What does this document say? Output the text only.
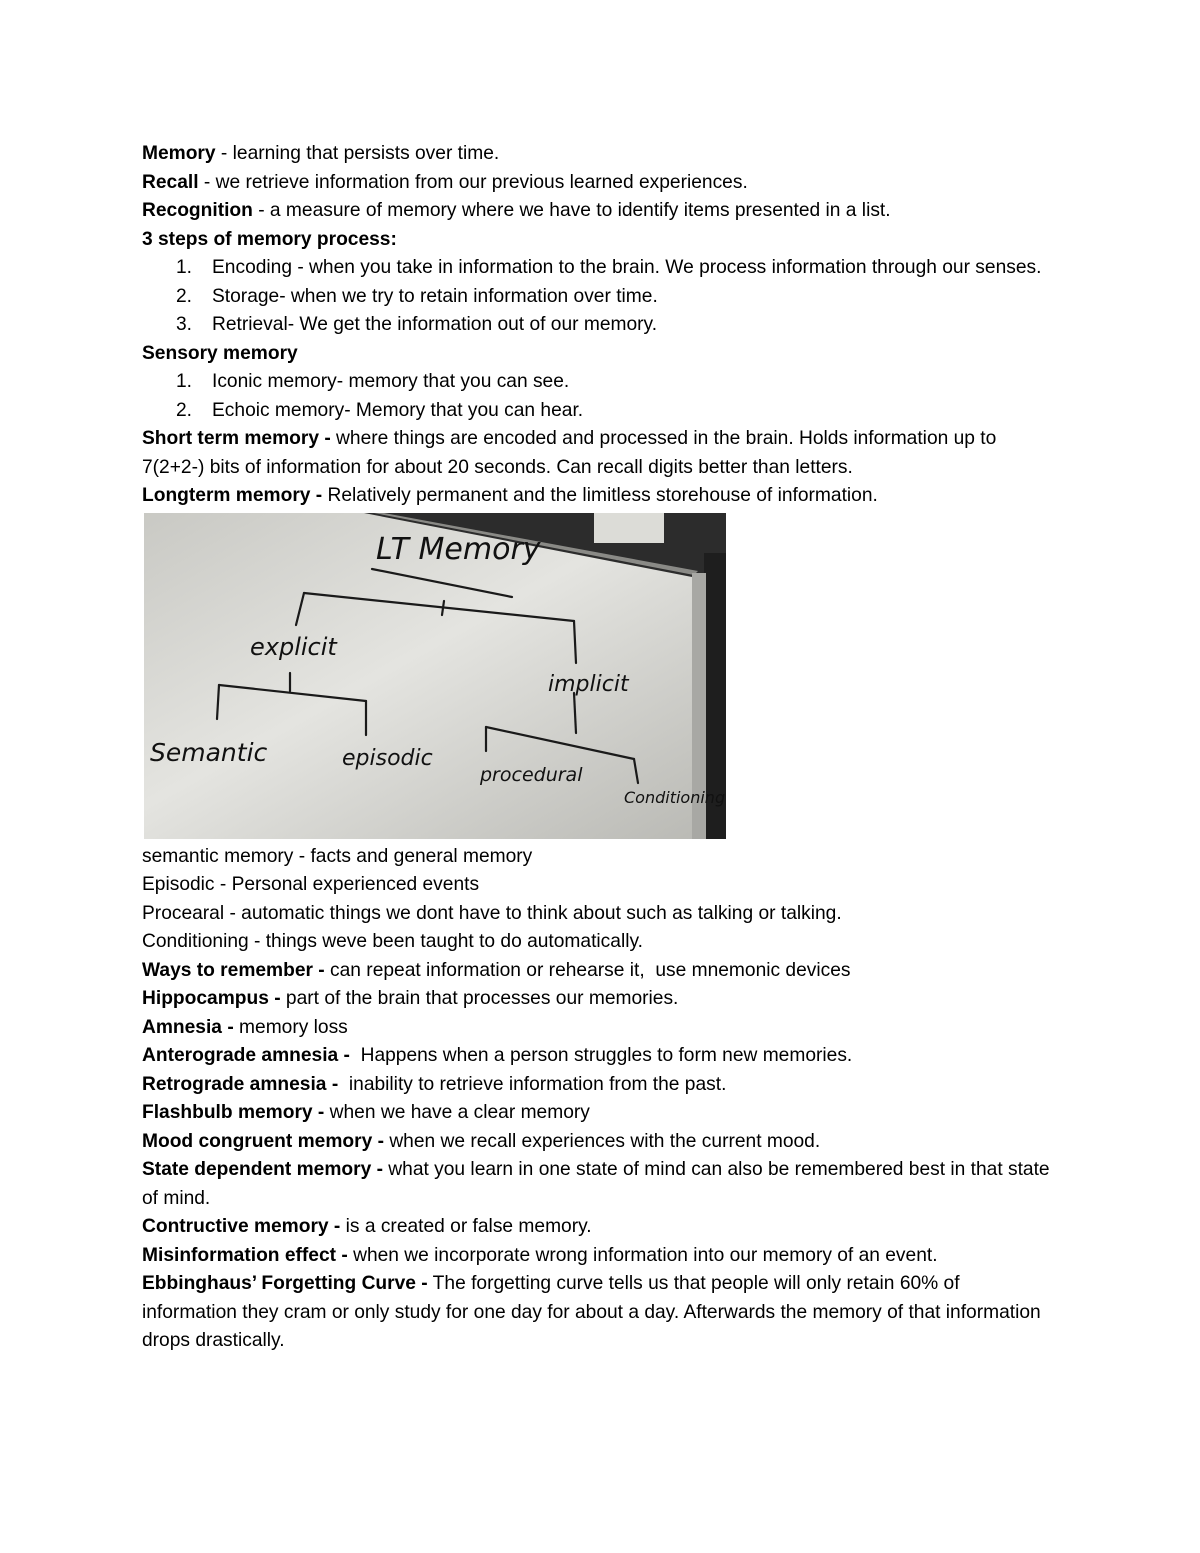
Memory - learning that persists over time.

Recall - we retrieve information from our previous learned experiences.

Recognition - a measure of memory where we have to identify items presented in a list.

3 steps of memory process:

1. Encoding - when you take in information to the brain. We process information through our senses.
2. Storage- when we try to retain information over time.
3. Retrieval- We get the information out of our memory.

Sensory memory

1. Iconic memory- memory that you can see.
2. Echoic memory- Memory that you can hear.

Short term memory - where things are encoded and processed in the brain. Holds information up to 7(2+2-) bits of information for about 20 seconds. Can recall digits better than letters.

Longterm memory - Relatively permanent and the limitless storehouse of information.

LT Memory
explicit
implicit
Semantic	episodic
procedural
Conditioning

semantic memory - facts and general memory

Episodic - Personal experienced events

Procearal - automatic things we dont have to think about such as talking or talking.

Conditioning - things weve been taught to do automatically.

Ways to remember - can repeat information or rehearse it,  use mnemonic devices

Hippocampus - part of the brain that processes our memories.

Amnesia - memory loss

Anterograde amnesia -  Happens when a person struggles to form new memories.

Retrograde amnesia -  inability to retrieve information from the past.

Flashbulb memory - when we have a clear memory

Mood congruent memory - when we recall experiences with the current mood.

State dependent memory - what you learn in one state of mind can also be remembered best in that state of mind.

Contructive memory - is a created or false memory.

Misinformation effect - when we incorporate wrong information into our memory of an event.

Ebbinghaus’ Forgetting Curve - The forgetting curve tells us that people will only retain 60% of information they cram or only study for one day for about a day. Afterwards the memory of that information drops drastically.
